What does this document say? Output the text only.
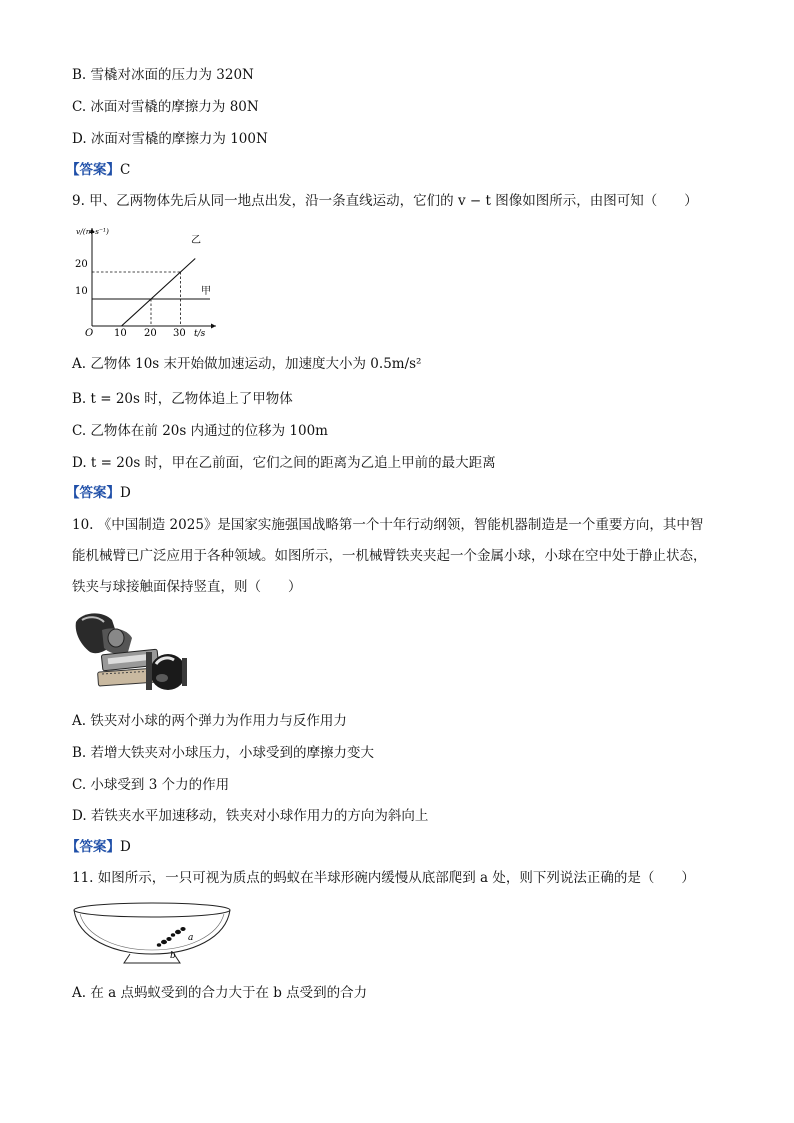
B. 雪橇对冰面的压力为 320N
C. 冰面对雪橇的摩擦力为 80N
D. 冰面对雪橇的摩擦力为 100N
【答案】C
9. 甲、乙两物体先后从同一地点出发，沿一条直线运动，它们的 v − t 图像如图所示，由图可知（　　）
v/(m·s⁻¹)
t/s
O
20
10
10 20 30
甲
乙
A. 乙物体 10s 末开始做加速运动，加速度大小为 0.5m/s²
B. t = 20s 时，乙物体追上了甲物体
C. 乙物体在前 20s 内通过的位移为 100m
D. t = 20s 时，甲在乙前面，它们之间的距离为乙追上甲前的最大距离
【答案】D
10. 《中国制造 2025》是国家实施强国战略第一个十年行动纲领，智能机器制造是一个重要方向，其中智
能机械臂已广泛应用于各种领域。如图所示，一机械臂铁夹夹起一个金属小球，小球在空中处于静止状态，
铁夹与球接触面保持竖直，则（　　）
A. 铁夹对小球的两个弹力为作用力与反作用力
B. 若增大铁夹对小球压力，小球受到的摩擦力变大
C. 小球受到 3 个力的作用
D. 若铁夹水平加速移动，铁夹对小球作用力的方向为斜向上
【答案】D
11. 如图所示，一只可视为质点的蚂蚁在半球形碗内缓慢从底部爬到 a 处，则下列说法正确的是（　　）
a
b
A. 在 a 点蚂蚁受到的合力大于在 b 点受到的合力
